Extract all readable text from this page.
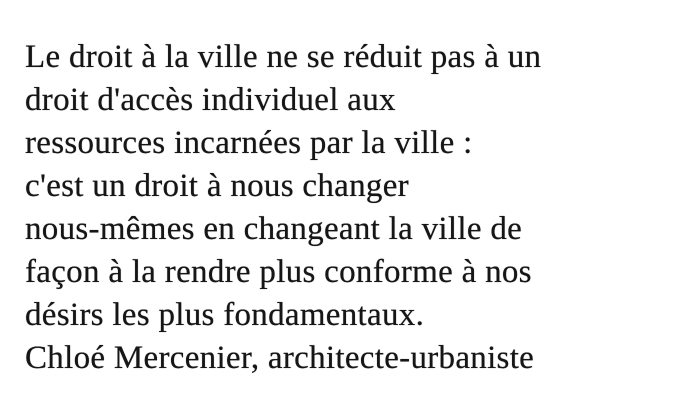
Le droit à la ville ne se réduit pas à un
droit d'accès individuel aux
ressources incarnées par la ville :
c'est un droit à nous changer
nous-mêmes en changeant la ville de
façon à la rendre plus conforme à nos
désirs les plus fondamentaux.
Chloé Mercenier, architecte-urbaniste
